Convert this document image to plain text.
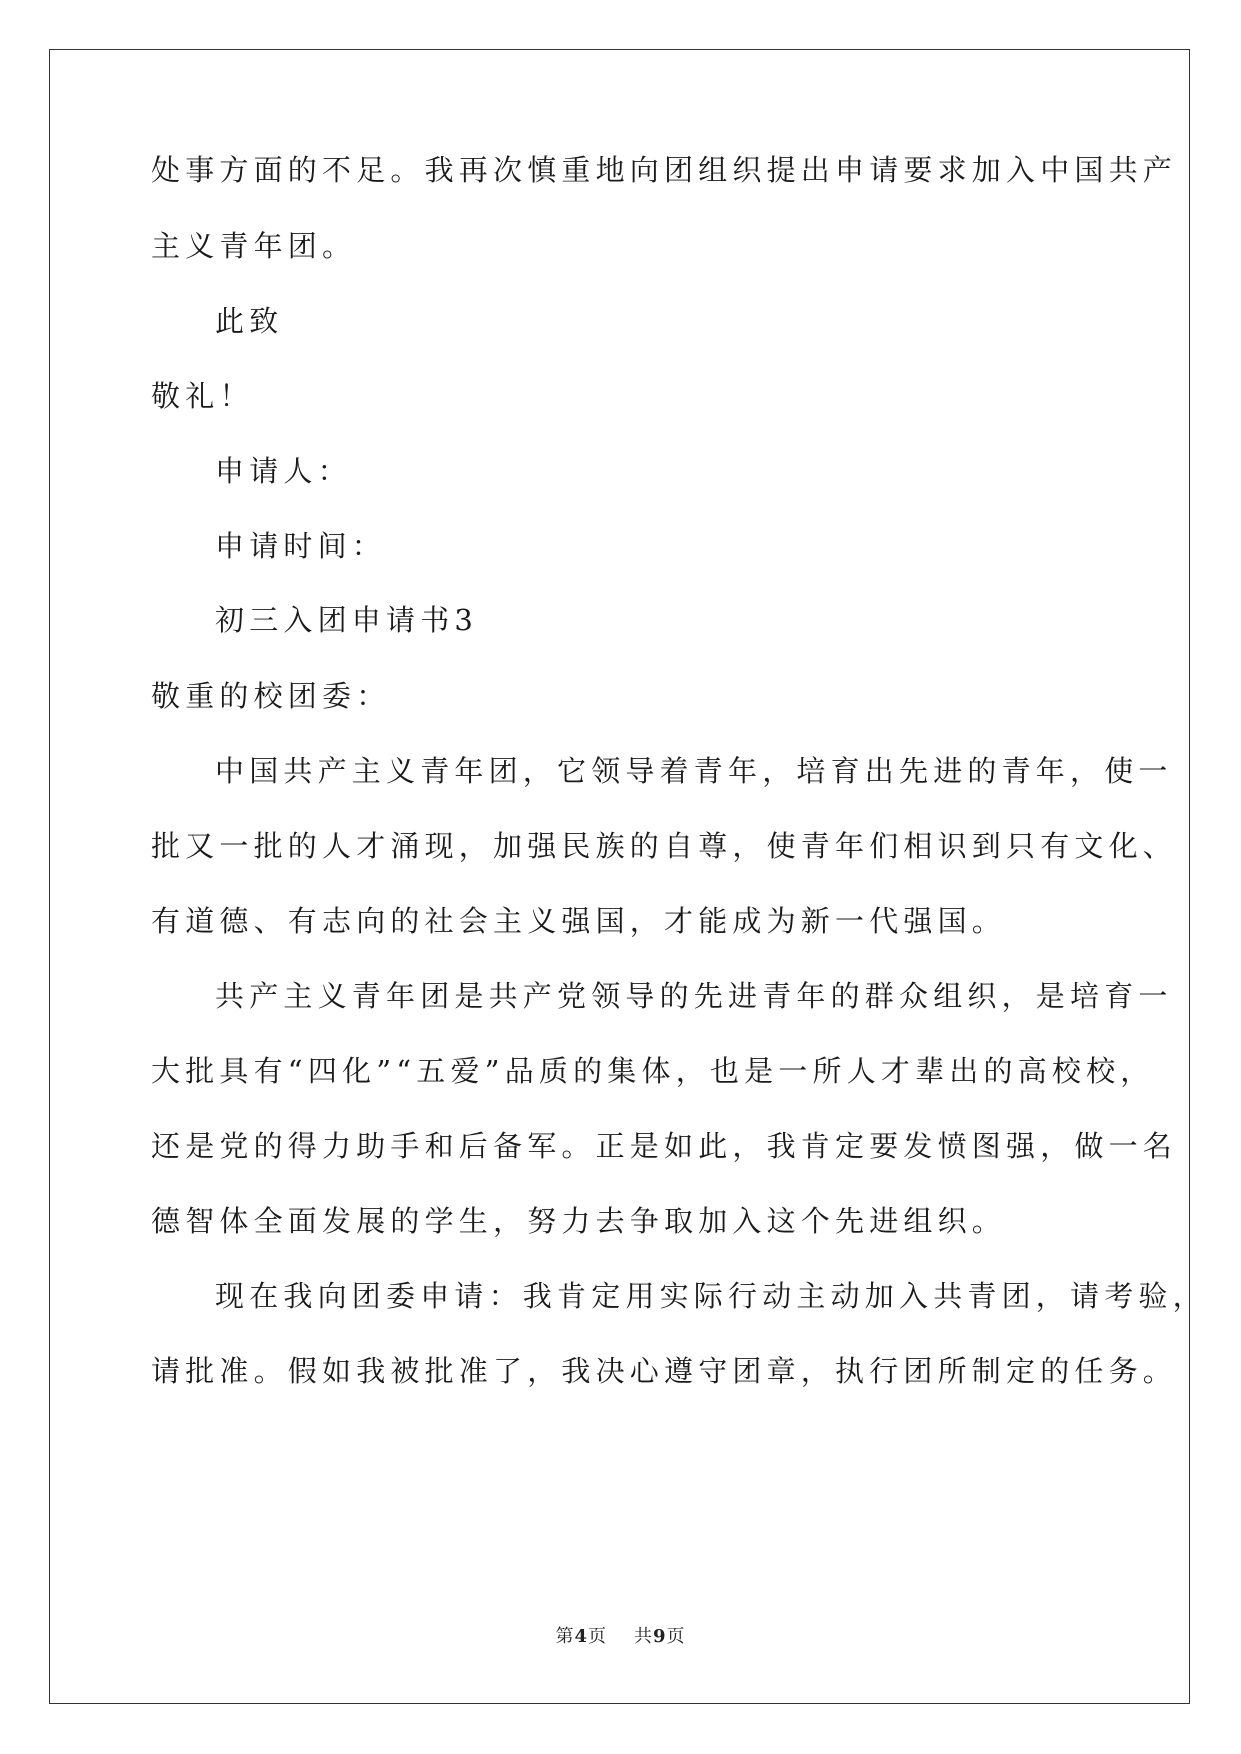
处事方面的不足。我再次慎重地向团组织提出申请要求加入中国共产
主义青年团。
此致
敬礼！
申请人：
申请时间：
初三入团申请书3
敬重的校团委：
中国共产主义青年团，它领导着青年，培育出先进的青年，使一
批又一批的人才涌现，加强民族的自尊，使青年们相识到只有文化、
有道德、有志向的社会主义强国，才能成为新一代强国。
共产主义青年团是共产党领导的先进青年的群众组织，是培育一
大批具有“四化”“五爱”品质的集体，也是一所人才辈出的高校校，
还是党的得力助手和后备军。正是如此，我肯定要发愤图强，做一名
德智体全面发展的学生，努力去争取加入这个先进组织。
现在我向团委申请：我肯定用实际行动主动加入共青团，请考验，
请批准。假如我被批准了，我决心遵守团章，执行团所制定的任务。
第4页 共9页
